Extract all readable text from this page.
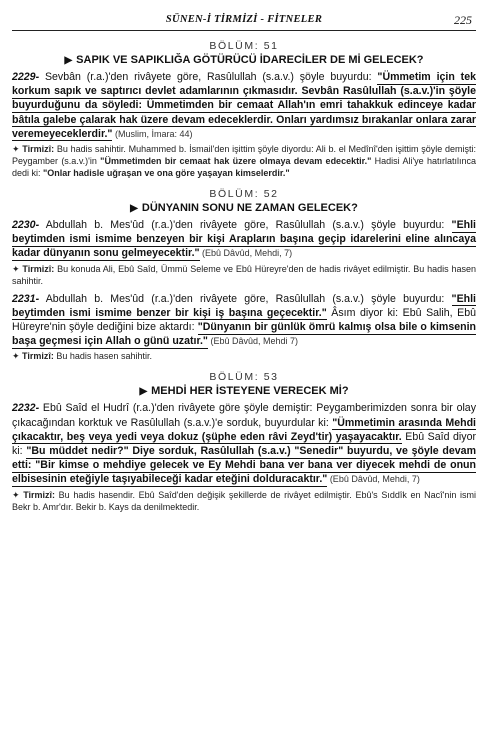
SÜNEN-İ TİRMİZİ - FİTNELER	225
BÖLÜM: 51
▶ SAPIK VE SAPIKLIĞA GÖTÜRÜCÜ İDARECİLER DE Mİ GELECEK?

2229- Sevbân (r.a.)'den rivâyete göre, Rasûlullah (s.a.v.) şöyle buyurdu: "Ümmetim için tek korkum sapık ve saptırıcı devlet adamlarının çıkmasıdır. Sevbân Rasûlullah (s.a.v.)'in şöyle buyurduğunu da söyledi: Ümmetimden bir cemaat Allah'ın emri tahakkuk edinceye kadar bâtıla galebe çalarak hak üzere devam edeceklerdir. Onları yardımsız bırakanlar onlara zarar veremeyeceklerdir." (Muslim, İmara: 44)

✦ Tirmizî: Bu hadis sahihtir. Muhammed b. İsmail'den işittim şöyle diyordu: Ali b. el Medînî'den işittim şöyle demişti: Peygamber (s.a.v.)'in "Ümmetimden bir cemaat hak üzere olmaya devam edecektir." Hadisi Ali'ye hatırlatılınca dedi ki: "Onlar hadisle uğraşan ve ona göre yaşayan kimselerdir."

BÖLÜM: 52
▶ DÜNYANIN SONU NE ZAMAN GELECEK?

2230- Abdullah b. Mes'ûd (r.a.)'den rivâyete göre, Rasûlullah (s.a.v.) şöyle buyurdu: "Ehli beytimden ismi ismime benzeyen bir kişi Arapların başına geçip idarelerini eline alıncaya kadar dünyanın sonu gelmeyecektir." (Ebû Dâvûd, Mehdi, 7)

✦ Tirmizî: Bu konuda Ali, Ebû Saîd, Ümmü Seleme ve Ebû Hüreyre'den de hadis rivâyet edilmiştir. Bu hadis hasen sahihtir.

2231- Abdullah b. Mes'ûd (r.a.)'den rivâyete göre, Rasûlullah (s.a.v.) şöyle buyurdu: "Ehli beytimden ismi ismime benzer bir kişi iş başına geçecektir." Âsım diyor ki: Ebû Salih, Ebû Hüreyre'nin şöyle dediğini bize aktardı: "Dünyanın bir günlük ömrü kalmış olsa bile o kimsenin başa geçmesi için Allah o günü uzatır." (Ebû Dâvûd, Mehdi 7)

✦ Tirmizî: Bu hadis hasen sahihtir.

BÖLÜM: 53
▶ MEHDİ HER İSTEYENE VERECEK Mİ?

2232- Ebû Saîd el Hudrî (r.a.)'den rivâyete göre şöyle demiştir: Peygamberimizden sonra bir olay çıkacağından korktuk ve Rasûlullah (s.a.v.)'e sorduk, buyurdular ki: "Ümmetimin arasında Mehdi çıkacaktır, beş veya yedi veya dokuz (şüphe eden râvi Zeyd'tir) yaşayacaktır. Ebû Saîd diyor ki: "Bu müddet nedir?" Diye sorduk, Rasûlullah (s.a.v.) "Senedir" buyurdu, ve şöyle devam etti: "Bir kimse o mehdiye gelecek ve Ey Mehdi bana ver bana ver diyecek mehdi de onun elbisesinin eteğiyle taşıyabileceği kadar eteğini dolduracaktır." (Ebû Dâvûd, Mehdi, 7)

✦ Tirmizî: Bu hadis hasendir. Ebû Saîd'den değişik şekillerde de rivâyet edilmiştir. Ebû's Sıddîk en Nacî'nin ismi Bekr b. Amr'dır. Bekir b. Kays da denilmektedir.
